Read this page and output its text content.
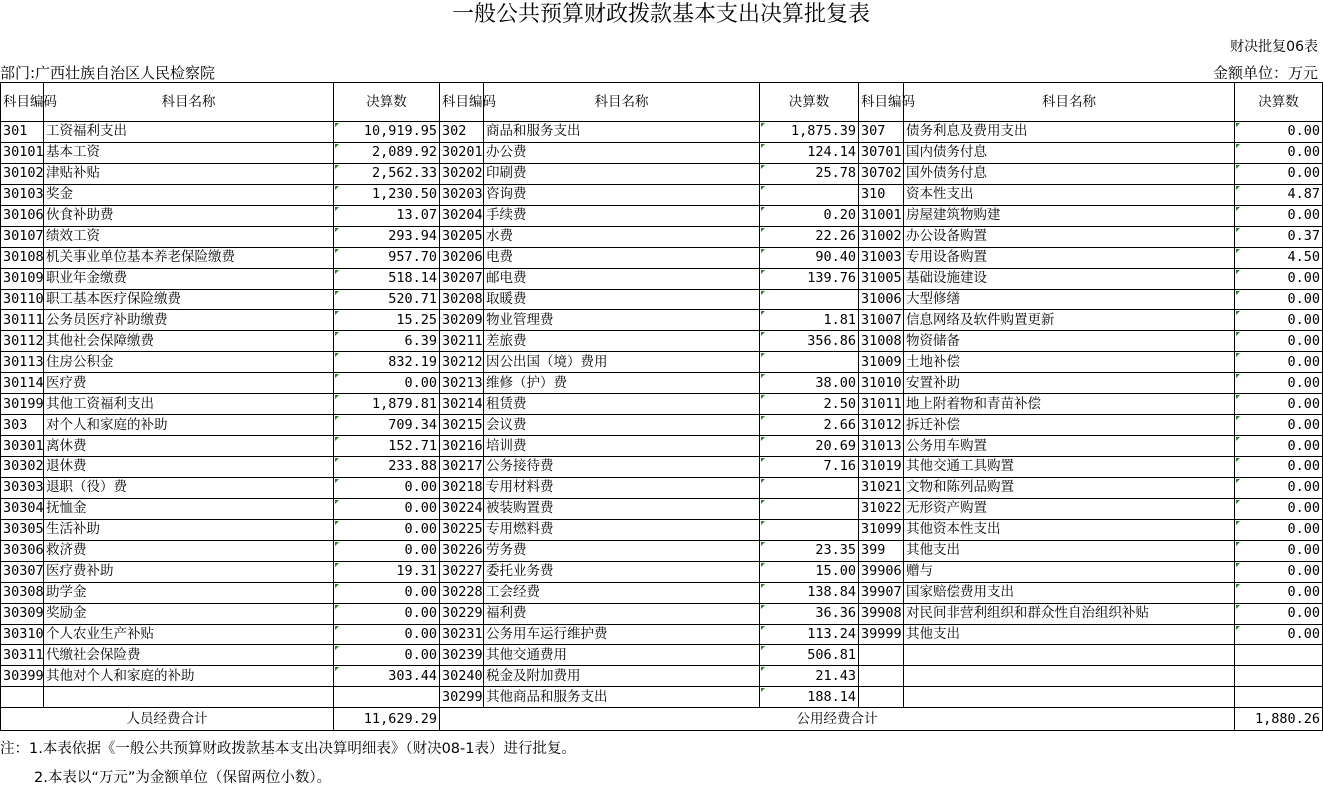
一般公共预算财政拨款基本支出决算批复表
财决批复06表
部门:广西壮族自治区人民检察院	金额单位：万元
科目编码	科目名称	决算数	科目编码	科目名称	决算数	科目编码	科目名称	决算数
301	工资福利支出	10,919.95	302	商品和服务支出	1,875.39	307	债务利息及费用支出	0.00
30101	基本工资	2,089.92	30201	办公费	124.14	30701	国内债务付息	0.00
30102	津贴补贴	2,562.33	30202	印刷费	25.78	30702	国外债务付息	0.00
30103	奖金	1,230.50	30203	咨询费		310	资本性支出	4.87
30106	伙食补助费	13.07	30204	手续费	0.20	31001	房屋建筑物购建	0.00
30107	绩效工资	293.94	30205	水费	22.26	31002	办公设备购置	0.37
30108	机关事业单位基本养老保险缴费	957.70	30206	电费	90.40	31003	专用设备购置	4.50
30109	职业年金缴费	518.14	30207	邮电费	139.76	31005	基础设施建设	0.00
30110	职工基本医疗保险缴费	520.71	30208	取暖费		31006	大型修缮	0.00
30111	公务员医疗补助缴费	15.25	30209	物业管理费	1.81	31007	信息网络及软件购置更新	0.00
30112	其他社会保障缴费	6.39	30211	差旅费	356.86	31008	物资储备	0.00
30113	住房公积金	832.19	30212	因公出国（境）费用		31009	土地补偿	0.00
30114	医疗费	0.00	30213	维修（护）费	38.00	31010	安置补助	0.00
30199	其他工资福利支出	1,879.81	30214	租赁费	2.50	31011	地上附着物和青苗补偿	0.00
303	对个人和家庭的补助	709.34	30215	会议费	2.66	31012	拆迁补偿	0.00
30301	离休费	152.71	30216	培训费	20.69	31013	公务用车购置	0.00
30302	退休费	233.88	30217	公务接待费	7.16	31019	其他交通工具购置	0.00
30303	退职（役）费	0.00	30218	专用材料费		31021	文物和陈列品购置	0.00
30304	抚恤金	0.00	30224	被装购置费		31022	无形资产购置	0.00
30305	生活补助	0.00	30225	专用燃料费		31099	其他资本性支出	0.00
30306	救济费	0.00	30226	劳务费	23.35	399	其他支出	0.00
30307	医疗费补助	19.31	30227	委托业务费	15.00	39906	赠与	0.00
30308	助学金	0.00	30228	工会经费	138.84	39907	国家赔偿费用支出	0.00
30309	奖励金	0.00	30229	福利费	36.36	39908	对民间非营利组织和群众性自治组织补贴	0.00
30310	个人农业生产补贴	0.00	30231	公务用车运行维护费	113.24	39999	其他支出	0.00
30311	代缴社会保险费	0.00	30239	其他交通费用	506.81			
30399	其他对个人和家庭的补助	303.44	30240	税金及附加费用	21.43			
			30299	其他商品和服务支出	188.14			
人员经费合计		11,629.29	公用经费合计					1,880.26
注：1.本表依据《一般公共预算财政拨款基本支出决算明细表》（财决08-1表）进行批复。
2.本表以“万元”为金额单位（保留两位小数）。
